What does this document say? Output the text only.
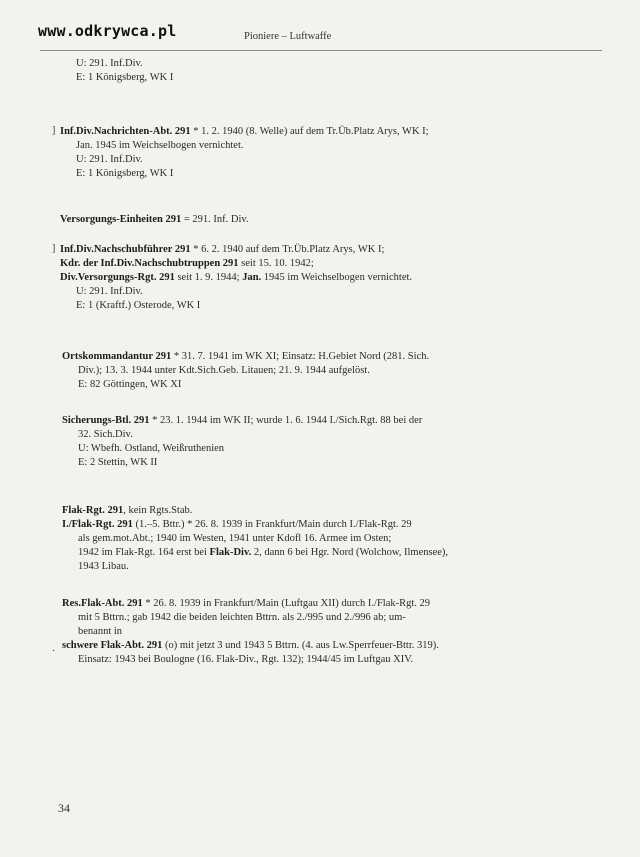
www.odkrywca.pl	Pioniere – Luftwaffe

U: 291. Inf.Div.

E: 1 Königsberg, WK I

] Inf.Div.Nachrichten-Abt. 291 * 1. 2. 1940 (8. Welle) auf dem Tr.Üb.Platz Arys, WK I;

Jan. 1945 im Weichselbogen vernichtet.

U: 291. Inf.Div.

E: 1 Königsberg, WK I

Versorgungs-Einheiten 291 = 291. Inf. Div.

] Inf.Div.Nachschubführer 291 * 6. 2. 1940 auf dem Tr.Üb.Platz Arys, WK I;

Kdr. der Inf.Div.Nachschubtruppen 291 seit 15. 10. 1942;

Div.Versorgungs-Rgt. 291 seit 1. 9. 1944; Jan. 1945 im Weichselbogen vernichtet.

U: 291. Inf.Div.

E: 1 (Kraftf.) Osterode, WK I

Ortskommandantur 291 * 31. 7. 1941 im WK XI; Einsatz: H.Gebiet Nord (281. Sich.

Div.); 13. 3. 1944 unter Kdt.Sich.Geb. Litauen; 21. 9. 1944 aufgelöst.

E: 82 Göttingen, WK XI

Sicherungs-Btl. 291 * 23. 1. 1944 im WK II; wurde 1. 6. 1944 I./Sich.Rgt. 88 bei der

32. Sich.Div.

U: Wbefh. Ostland, Weißruthenien

E: 2 Stettin, WK II

Flak-Rgt. 291, kein Rgts.Stab.

I./Flak-Rgt. 291 (1.–5. Bttr.) * 26. 8. 1939 in Frankfurt/Main durch I./Flak-Rgt. 29

als gem.mot.Abt.; 1940 im Westen, 1941 unter Kdofl 16. Armee im Osten;

1942 im Flak-Rgt. 164 erst bei Flak-Div. 2, dann 6 bei Hgr. Nord (Wolchow, Ilmensee),

1943 Libau.

·

Res.Flak-Abt. 291 * 26. 8. 1939 in Frankfurt/Main (Luftgau XII) durch I./Flak-Rgt. 29

mit 5 Bttrn.; gab 1942 die beiden leichten Bttrn. als 2./995 und 2./996 ab; um-

benannt in

schwere Flak-Abt. 291 (o) mit jetzt 3 und 1943 5 Bttrn. (4. aus Lw.Sperrfeuer-Bttr. 319).

Einsatz: 1943 bei Boulogne (16. Flak-Div., Rgt. 132); 1944/45 im Luftgau XIV.

34
